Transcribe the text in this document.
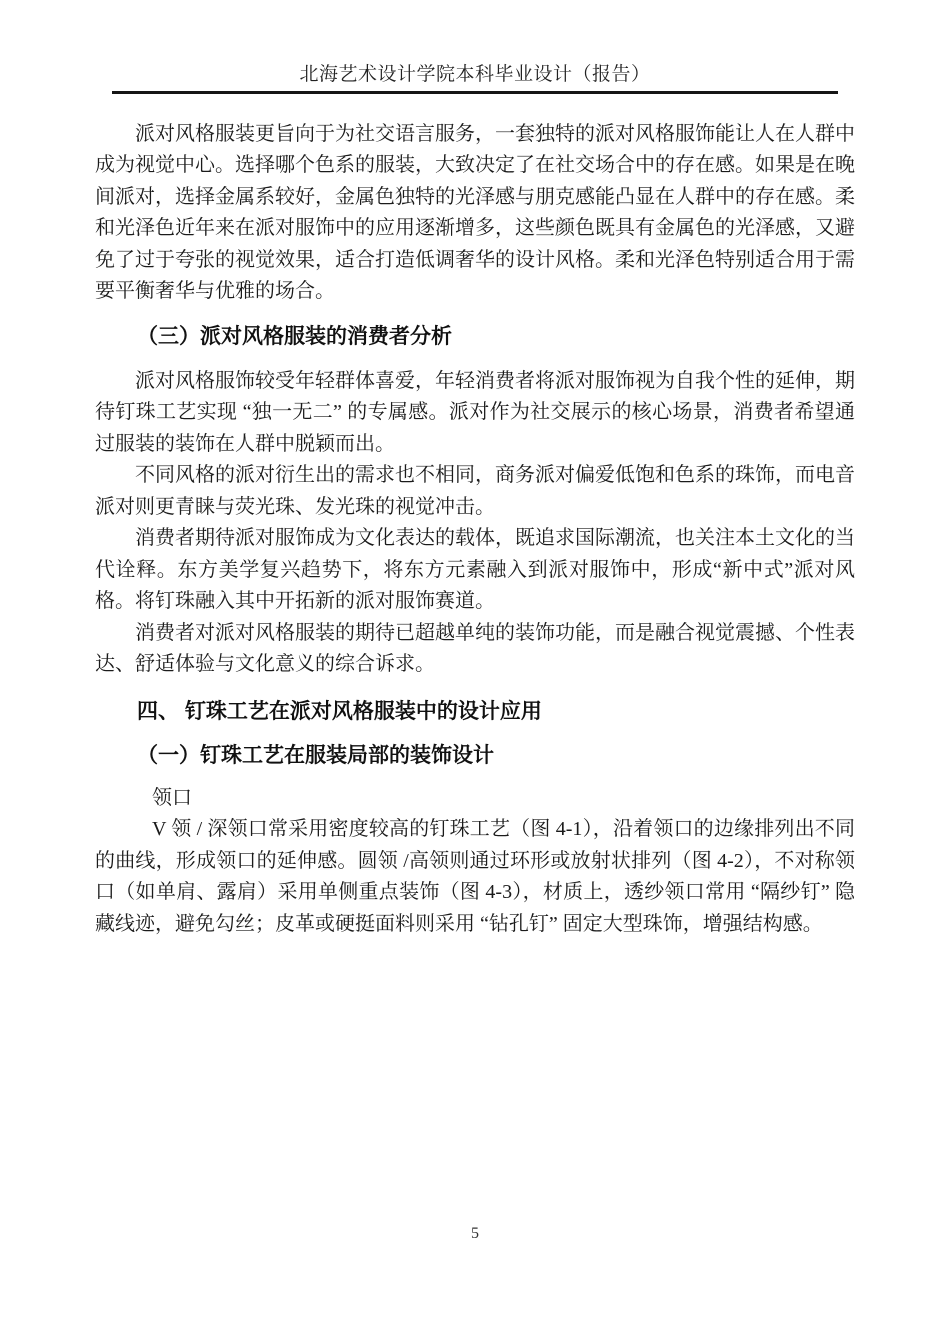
北海艺术设计学院本科毕业设计（报告）

派对风格服装更旨向于为社交语言服务，一套独特的派对风格服饰能让人在人群中成为视觉中心。选择哪个色系的服装，大致决定了在社交场合中的存在感。如果是在晚间派对，选择金属系较好，金属色独特的光泽感与朋克感能凸显在人群中的存在感。柔和光泽色近年来在派对服饰中的应用逐渐增多，这些颜色既具有金属色的光泽感，又避免了过于夸张的视觉效果，适合打造低调奢华的设计风格。柔和光泽色特别适合用于需要平衡奢华与优雅的场合。

（三）派对风格服装的消费者分析

派对风格服饰较受年轻群体喜爱，年轻消费者将派对服饰视为自我个性的延伸，期待钉珠工艺实现 “独一无二” 的专属感。派对作为社交展示的核心场景，消费者希望通过服装的装饰在人群中脱颖而出。

不同风格的派对衍生出的需求也不相同，商务派对偏爱低饱和色系的珠饰，而电音派对则更青睐与荧光珠、发光珠的视觉冲击。

消费者期待派对服饰成为文化表达的载体，既追求国际潮流，也关注本土文化的当代诠释。东方美学复兴趋势下，将东方元素融入到派对服饰中，形成“新中式”派对风格。将钉珠融入其中开拓新的派对服饰赛道。

消费者对派对风格服装的期待已超越单纯的装饰功能，而是融合视觉震撼、个性表达、舒适体验与文化意义的综合诉求。

四、 钉珠工艺在派对风格服装中的设计应用
（一）钉珠工艺在服装局部的装饰设计

领口

V 领 / 深领口常采用密度较高的钉珠工艺（图 4-1），沿着领口的边缘排列出不同的曲线，形成领口的延伸感。圆领 /高领则通过环形或放射状排列（图 4-2），不对称领口（如单肩、露肩）采用单侧重点装饰（图 4-3），材质上，透纱领口常用 “隔纱钉” 隐藏线迹，避免勾丝；皮革或硬挺面料则采用 “钻孔钉” 固定大型珠饰，增强结构感。

5
